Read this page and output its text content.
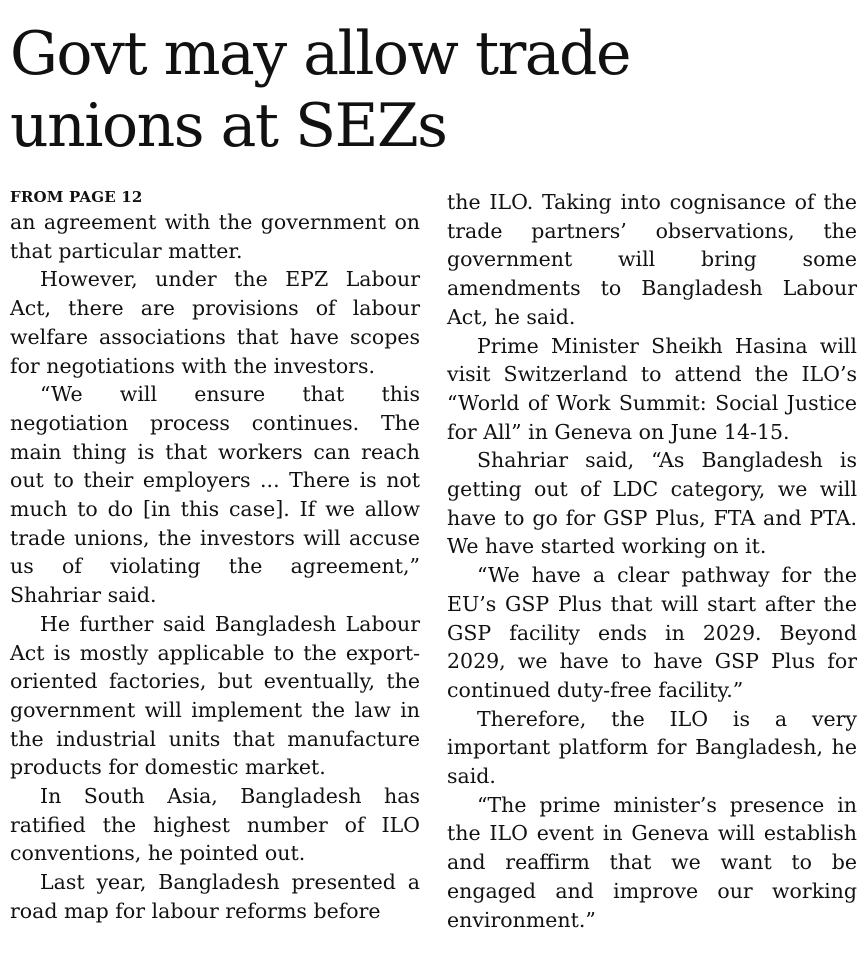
Govt may allow trade
unions at SEZs
FROM PAGE 12

an agreement with the government on that particular matter.

However, under the EPZ Labour Act, there are provisions of labour welfare associations that have scopes for negotiations with the investors.

“We will ensure that this negotiation process continues. The main thing is that workers can reach out to their employers ... There is not much to do [in this case]. If we allow trade unions, the investors will accuse us of violating the agreement,” Shahriar said.

He further said Bangladesh Labour Act is mostly applicable to the export-oriented factories, but eventually, the government will implement the law in the industrial units that manufacture products for domestic market.

In South Asia, Bangladesh has ratified the highest number of ILO conventions, he pointed out.

Last year, Bangladesh presented a road map for labour reforms before

the ILO. Taking into cognisance of the trade partners’ observations, the government will bring some amendments to Bangladesh Labour Act, he said.

Prime Minister Sheikh Hasina will visit Switzerland to attend the ILO’s “World of Work Summit: Social Justice for All” in Geneva on June 14-15.

Shahriar said, “As Bangladesh is getting out of LDC category, we will have to go for GSP Plus, FTA and PTA. We have started working on it.

“We have a clear pathway for the EU’s GSP Plus that will start after the GSP facility ends in 2029. Beyond 2029, we have to have GSP Plus for continued duty-free facility.”

Therefore, the ILO is a very important platform for Bangladesh, he said.

“The prime minister’s presence in the ILO event in Geneva will establish and reaffirm that we want to be engaged and improve our working environment.”
